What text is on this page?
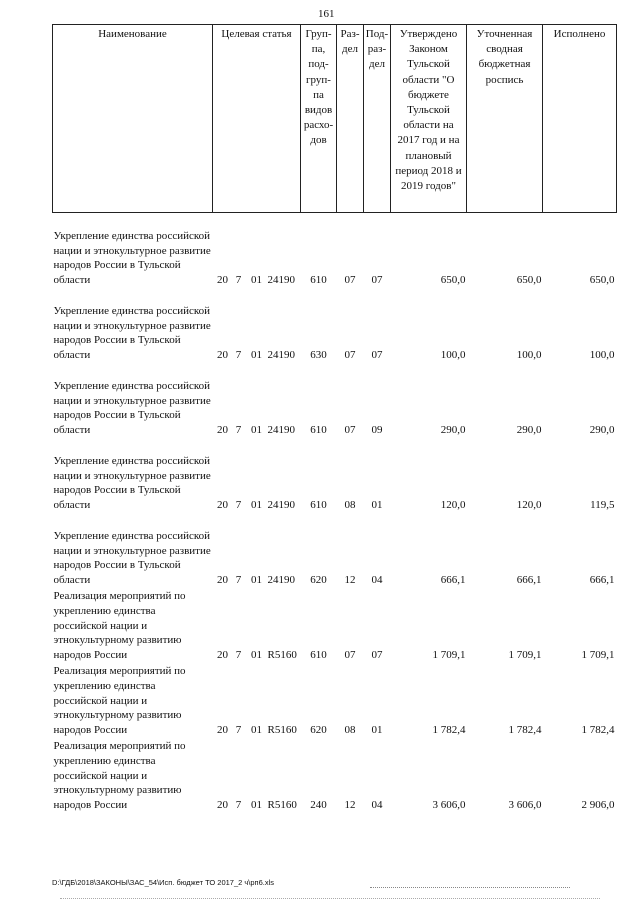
161
Наименование	Целевая статья	Груп-па, под-груп-па видов расхо-дов	Раз-дел	Под-раз-дел	Утверждено Законом Тульской области "О бюджете Тульской области на 2017 год и на плановый период 2018 и 2019 годов"	Уточненная сводная бюджетная роспись	Исполнено
Укрепление единства российской нации и этнокультурное развитие народов России в Тульской области	20 7 01 24190	610	07	07	650,0	650,0	650,0
Укрепление единства российской нации и этнокультурное развитие народов России в Тульской области	20 7 01 24190	630	07	07	100,0	100,0	100,0
Укрепление единства российской нации и этнокультурное развитие народов России в Тульской области	20 7 01 24190	610	07	09	290,0	290,0	290,0
Укрепление единства российской нации и этнокультурное развитие народов России в Тульской области	20 7 01 24190	610	08	01	120,0	120,0	119,5
Укрепление единства российской нации и этнокультурное развитие народов Росcии в Тульской области	20 7 01 24190	620	12	04	666,1	666,1	666,1
Реализация мероприятий по укреплению единства российской нации и этнокультурному развитию народов России	20 7 01 R5160	610	07	07	1 709,1	1 709,1	1 709,1
Реализация мероприятий по укреплению единства российской нации и этнокультурному развитию народов России	20 7 01 R5160	620	08	01	1 782,4	1 782,4	1 782,4
Реализация мероприятий по укреплению единства российской нации и этнокультурному развитию народов России	20 7 01 R5160	240	12	04	3 606,0	3 606,0	2 906,0
D:\ГДБ\2018\ЗАКОНЫ\ЗАС_54\Исп. бюджет ТО 2017_2 ч\рп6.xls
